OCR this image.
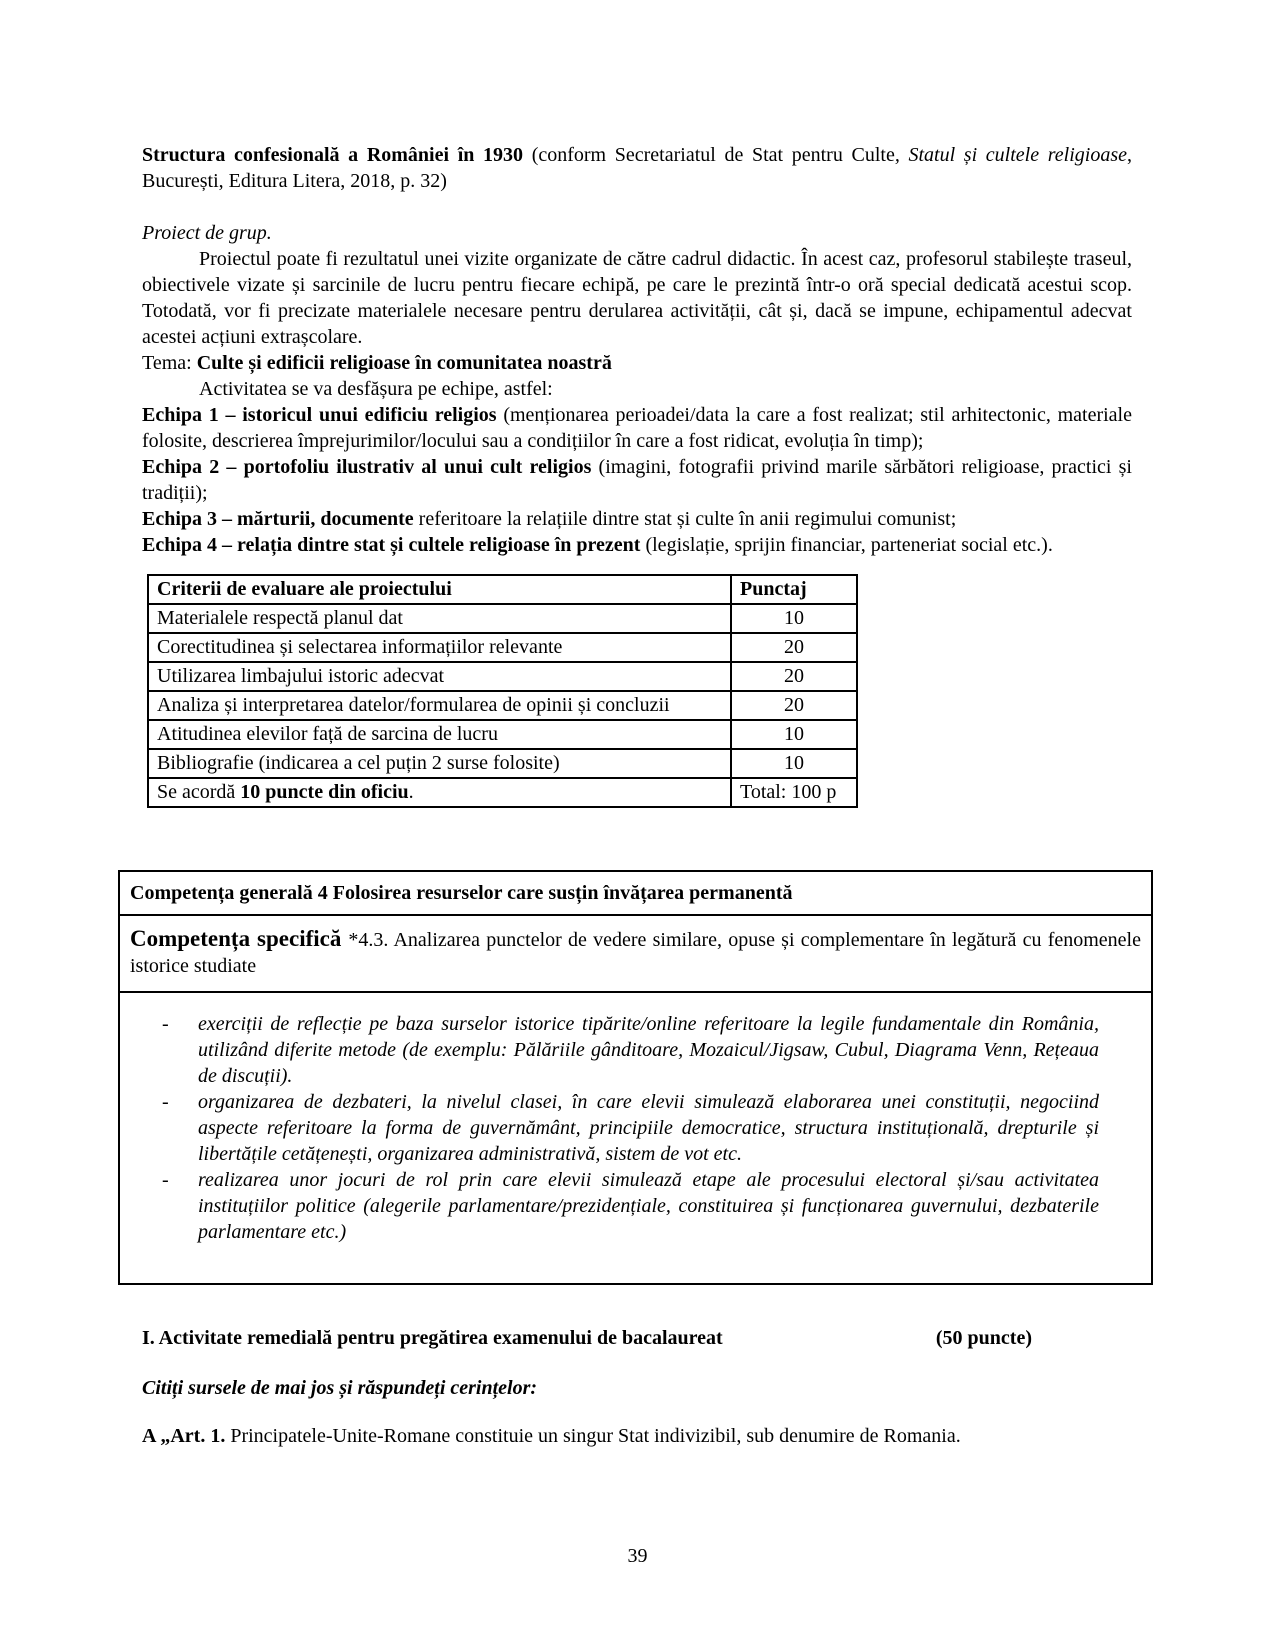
Structura confesională a României în 1930 (conform Secretariatul de Stat pentru Culte, Statul și cultele religioase, București, Editura Litera, 2018, p. 32)

Proiect de grup.

Proiectul poate fi rezultatul unei vizite organizate de către cadrul didactic. În acest caz, profesorul stabilește traseul, obiectivele vizate și sarcinile de lucru pentru fiecare echipă, pe care le prezintă într-o oră special dedicată acestui scop. Totodată, vor fi precizate materialele necesare pentru derularea activității, cât și, dacă se impune, echipamentul adecvat acestei acțiuni extrașcolare.

Tema: Culte și edificii religioase în comunitatea noastră

Activitatea se va desfășura pe echipe, astfel:

Echipa 1 – istoricul unui edificiu religios (menționarea perioadei/data la care a fost realizat; stil arhitectonic, materiale folosite, descrierea împrejurimilor/locului sau a condițiilor în care a fost ridicat, evoluția în timp);

Echipa 2 – portofoliu ilustrativ al unui cult religios (imagini, fotografii privind marile sărbători religioase, practici și tradiții);

Echipa 3 – mărturii, documente referitoare la relațiile dintre stat și culte în anii regimului comunist;

Echipa 4 – relația dintre stat și cultele religioase în prezent (legislație, sprijin financiar, parteneriat social etc.).

Criterii de evaluare ale proiectului	Punctaj
Materialele respectă planul dat	10
Corectitudinea și selectarea informațiilor relevante	20
Utilizarea limbajului istoric adecvat	20
Analiza și interpretarea datelor/formularea de opinii și concluzii	20
Atitudinea elevilor față de sarcina de lucru	10
Bibliografie (indicarea a cel puțin 2 surse folosite)	10
Se acordă 10 puncte din oficiu.	Total: 100 p
Competența generală 4 Folosirea resurselor care susțin învățarea permanentă
Competența specifică *4.3. Analizarea punctelor de vedere similare, opuse și complementare în legătură cu fenomenele istorice studiate
-	exerciții de reflecție pe baza surselor istorice tipărite/online referitoare la legile fundamentale din România, utilizând diferite metode (de exemplu: Pălăriile gânditoare, Mozaicul/Jigsaw, Cubul, Diagrama Venn, Rețeaua de discuții).
-	organizarea de dezbateri, la nivelul clasei, în care elevii simulează elaborarea unei constituții, negociind aspecte referitoare la forma de guvernământ, principiile democratice, structura instituțională, drepturile și libertățile cetățenești, organizarea administrativă, sistem de vot etc.
-	realizarea unor jocuri de rol prin care elevii simulează etape ale procesului electoral și/sau activitatea instituțiilor politice (alegerile parlamentare/prezidențiale, constituirea și funcționarea guvernului, dezbaterile parlamentare etc.)
I. Activitate remedială pentru pregătirea examenului de bacalaureat	(50 puncte)

Citiți sursele de mai jos și răspundeți cerințelor:

A „Art. 1. Principatele-Unite-Romane constituie un singur Stat indivizibil, sub denumire de Romania.

39
